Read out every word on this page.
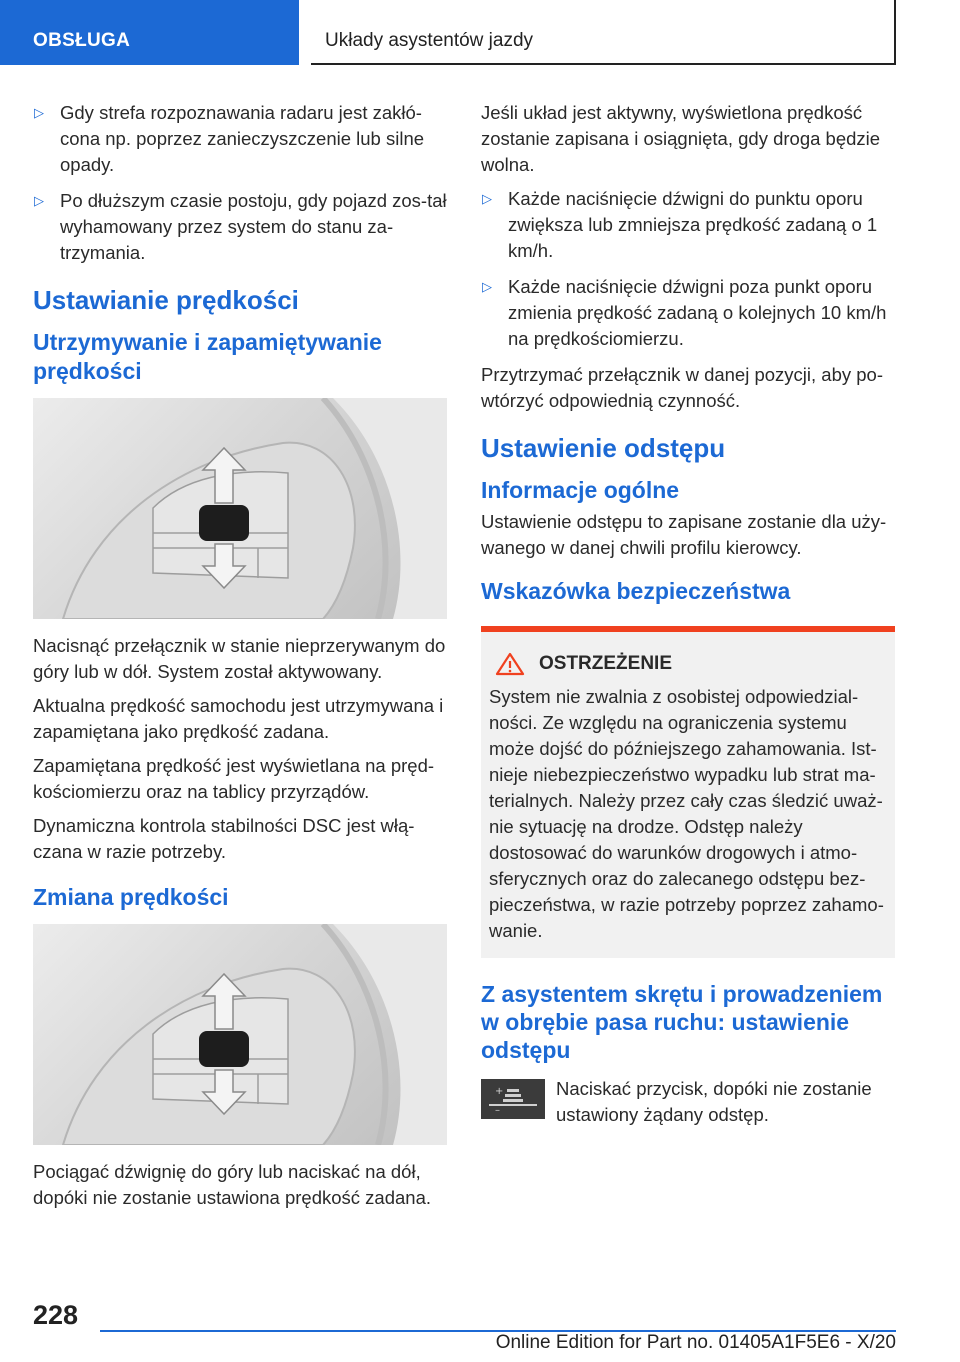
OBSŁUGA	Układy asystentów jazdy
▷ Gdy strefa rozpoznawania radaru jest zakłó-cona np. poprzez zanieczyszczenie lub silne opady.
▷ Po dłuższym czasie postoju, gdy pojazd zos-tał wyhamowany przez system do stanu za-trzymania.
Ustawianie prędkości
Utrzymywanie i zapamiętywanie prędkości

Nacisnąć przełącznik w stanie nieprzerywanym do góry lub w dół. System został aktywowany.

Aktualna prędkość samochodu jest utrzymywana i zapamiętana jako prędkość zadana.

Zapamiętana prędkość jest wyświetlana na pręd-kościomierzu oraz na tablicy przyrządów.

Dynamiczna kontrola stabilności DSC jest włą-czana w razie potrzeby.

Zmiana prędkości

Pociągać dźwignię do góry lub naciskać na dół, dopóki nie zostanie ustawiona prędkość zadana.

Jeśli układ jest aktywny, wyświetlona prędkość zostanie zapisana i osiągnięta, gdy droga będzie wolna.

▷ Każde naciśnięcie dźwigni do punktu oporu zwiększa lub zmniejsza prędkość zadaną o 1 km/h.
▷ Każde naciśnięcie dźwigni poza punkt oporu zmienia prędkość zadaną o kolejnych 10 km/h na prędkościomierzu.

Przytrzymać przełącznik w danej pozycji, aby po-wtórzyć odpowiednią czynność.

Ustawienie odstępu
Informacje ogólne

Ustawienie odstępu to zapisane zostanie dla uży-wanego w danej chwili profilu kierowcy.

Wskazówka bezpieczeństwa
OSTRZEŻENIE

System nie zwalnia z osobistej odpowiedzial-ności. Ze względu na ograniczenia systemu może dojść do późniejszego zahamowania. Ist-nieje niebezpieczeństwo wypadku lub strat ma-terialnych. Należy przez cały czas śledzić uważ-nie sytuację na drodze. Odstęp należy dostosować do warunków drogowych i atmo-sferycznych oraz do zalecanego odstępu bez-pieczeństwa, w razie potrzeby poprzez zahamo-wanie.

Z asystentem skrętu i prowadzeniem w obrębie pasa ruchu: ustawienie odstępu
+
–

Naciskać przycisk, dopóki nie zostanie ustawiony żądany odstęp.

228
Online Edition for Part no. 01405A1F5E6 - X/20
